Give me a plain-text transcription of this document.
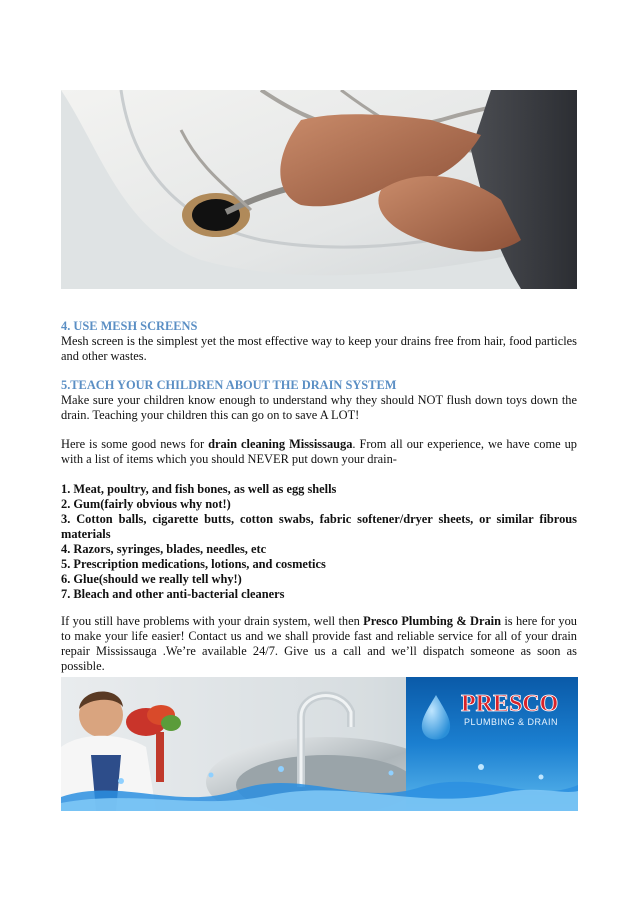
4. USE MESH SCREENS

Mesh screen is the simplest yet the most effective way to keep your drains free from hair, food particles and other wastes.

5.TEACH YOUR CHILDREN ABOUT THE DRAIN SYSTEM

Make sure your children know enough to understand why they should NOT flush down toys down the drain. Teaching your children this can go on to save A LOT!

Here is some good news for drain cleaning Mississauga. From all our experience, we have come up with a list of items which you should NEVER put down your drain-

1. Meat, poultry, and fish bones, as well as egg shells
2. Gum(fairly obvious why not!)
3. Cotton balls, cigarette butts, cotton swabs, fabric softener/dryer sheets, or similar fibrous materials
4. Razors, syringes, blades, needles, etc
5. Prescription medications, lotions, and cosmetics
6. Glue(should we really tell why!)
7. Bleach and other anti-bacterial cleaners

If you still have problems with your drain system, well then Presco Plumbing & Drain is here for you to make your life easier! Contact us and we shall provide fast and reliable service for all of your drain repair Mississauga .We’re available 24/7. Give us a call and we’ll dispatch someone as soon as possible.

PRESCO
PLUMBING & DRAIN
